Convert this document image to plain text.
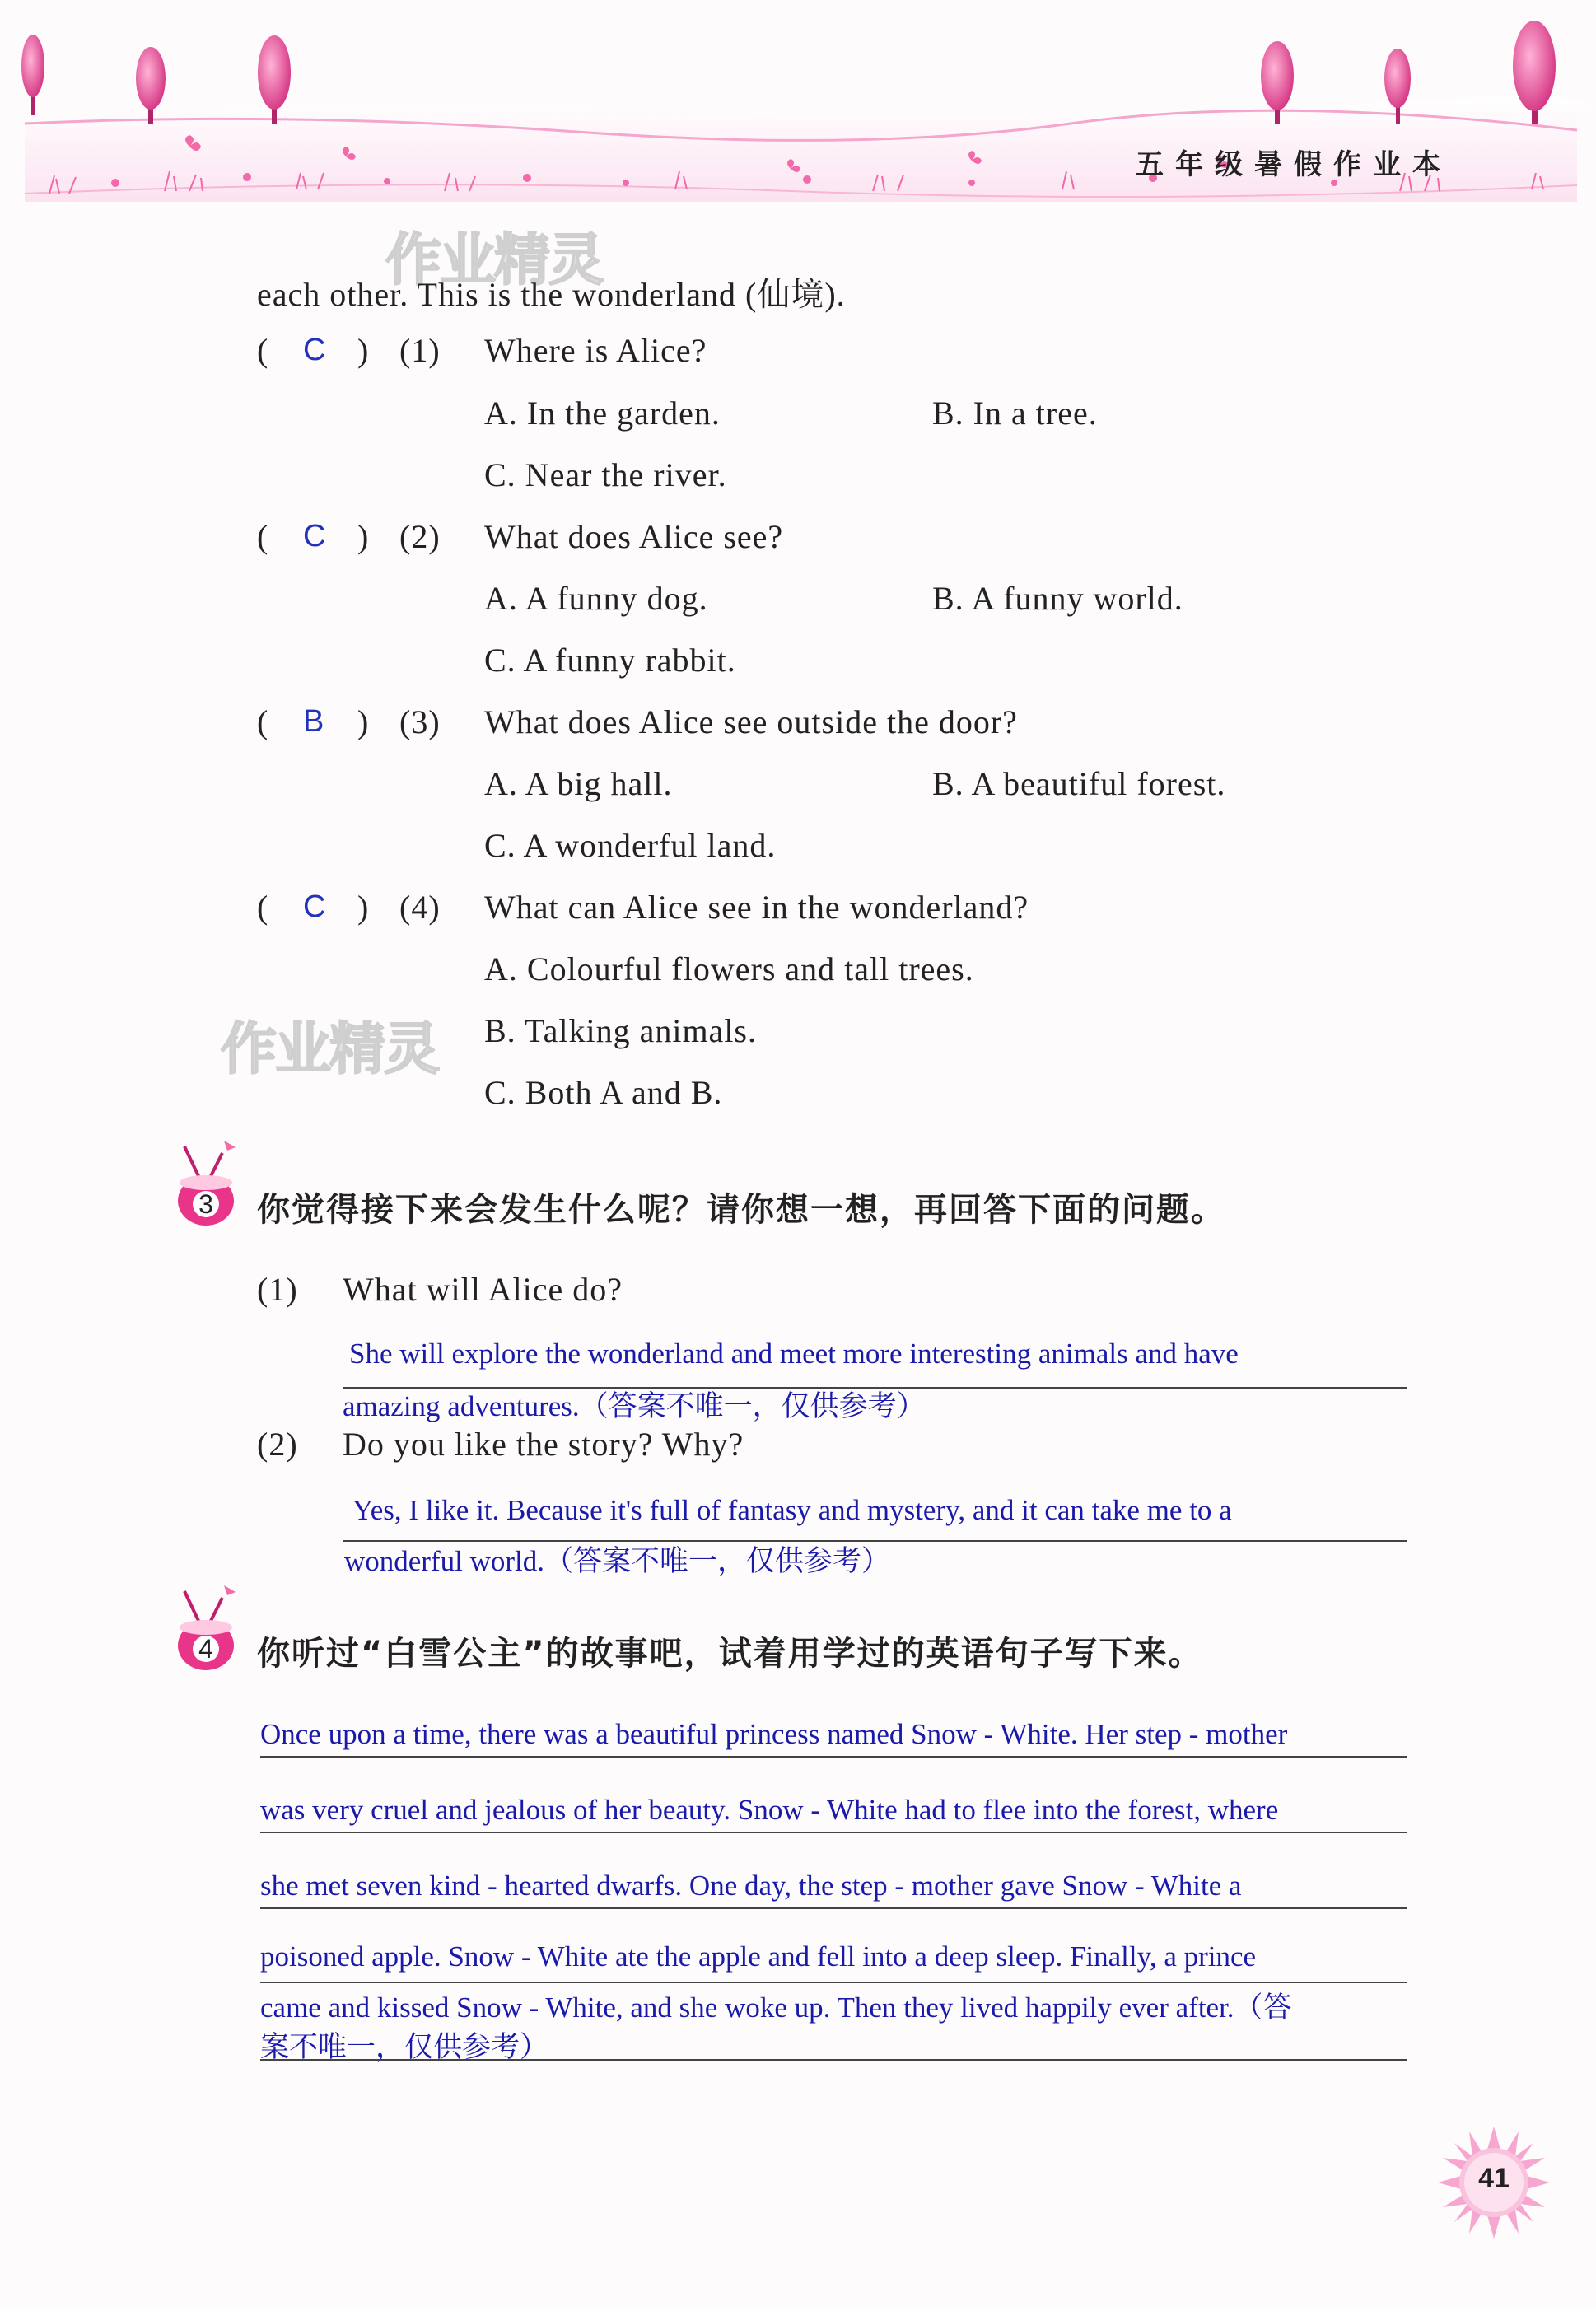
五年级暑假作业本
作业精灵
作业精灵
each other. This is the wonderland (仙境).
( C ) (1) Where is Alice?
A. In the garden.	B. In a tree.
C. Near the river.
( C ) (2) What does Alice see?
A. A funny dog.	B. A funny world.
C. A funny rabbit.
( B ) (3) What does Alice see outside the door?
A. A big hall.	B. A beautiful forest.
C. A wonderful land.
( C ) (4) What can Alice see in the wonderland?
A. Colourful flowers and tall trees.
B. Talking animals.
C. Both A and B.
3 你觉得接下来会发生什么呢？请你想一想，再回答下面的问题。
(1) What will Alice do?
She will explore the wonderland and meet more interesting animals and have
amazing adventures.（答案不唯一，仅供参考）
(2) Do you like the story? Why?
Yes, I like it. Because it's full of fantasy and mystery, and it can take me to a
wonderful world.（答案不唯一，仅供参考）
4 你听过“白雪公主”的故事吧，试着用学过的英语句子写下来。
Once upon a time, there was a beautiful princess named Snow - White. Her step - mother
was very cruel and jealous of her beauty. Snow - White had to flee into the forest, where
she met seven kind - hearted dwarfs. One day, the step - mother gave Snow - White a
poisoned apple. Snow - White ate the apple and fell into a deep sleep. Finally, a prince
came and kissed Snow - White, and she woke up. Then they lived happily ever after.（答
案不唯一，仅供参考）
41
